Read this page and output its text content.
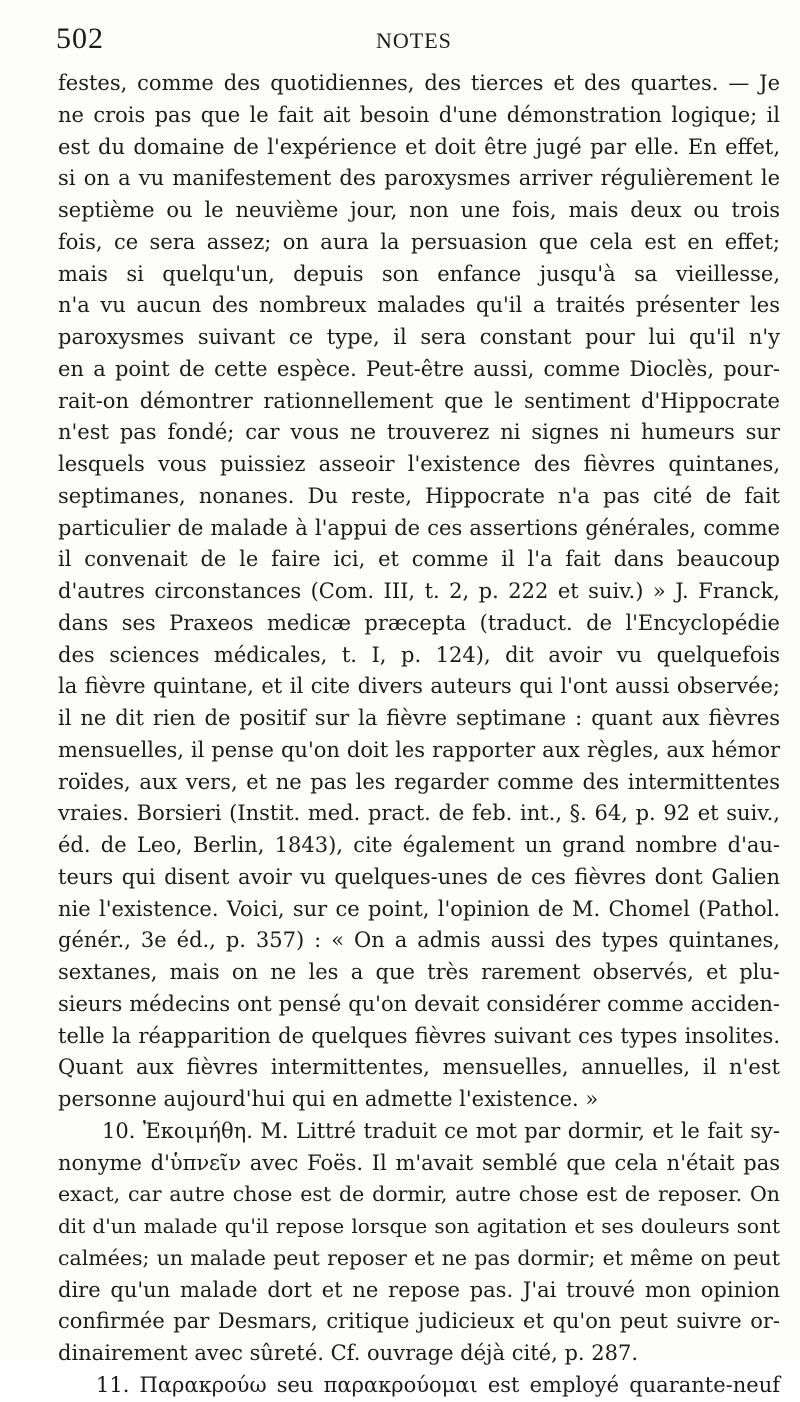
502	NOTES
festes, comme des quotidiennes, des tierces et des quartes. — Je
ne crois pas que le fait ait besoin d'une démonstration logique; il
est du domaine de l'expérience et doit être jugé par elle. En effet,
si on a vu manifestement des paroxysmes arriver régulièrement le
septième ou le neuvième jour, non une fois, mais deux ou trois
fois, ce sera assez; on aura la persuasion que cela est en effet;
mais si quelqu'un, depuis son enfance jusqu'à sa vieillesse,
n'a vu aucun des nombreux malades qu'il a traités présenter les
paroxysmes suivant ce type, il sera constant pour lui qu'il n'y
en a point de cette espèce. Peut-être aussi, comme Dioclès, pour-
rait-on démontrer rationnellement que le sentiment d'Hippocrate
n'est pas fondé; car vous ne trouverez ni signes ni humeurs sur
lesquels vous puissiez asseoir l'existence des fièvres quintanes,
septimanes, nonanes. Du reste, Hippocrate n'a pas cité de fait
particulier de malade à l'appui de ces assertions générales, comme
il convenait de le faire ici, et comme il l'a fait dans beaucoup
d'autres circonstances (Com. III, t. 2, p. 222 et suiv.) » J. Franck,
dans ses Praxeos medicæ præcepta (traduct. de l'Encyclopédie
des sciences médicales, t. I, p. 124), dit avoir vu quelquefois
la fièvre quintane, et il cite divers auteurs qui l'ont aussi observée;
il ne dit rien de positif sur la fièvre septimane : quant aux fièvres
mensuelles, il pense qu'on doit les rapporter aux règles, aux hémor
roïdes, aux vers, et ne pas les regarder comme des intermittentes
vraies. Borsieri (Instit. med. pract. de feb. int., §. 64, p. 92 et suiv.,
éd. de Leo, Berlin, 1843), cite également un grand nombre d'au-
teurs qui disent avoir vu quelques-unes de ces fièvres dont Galien
nie l'existence. Voici, sur ce point, l'opinion de M. Chomel (Pathol.
génér., 3e éd., p. 357) : « On a admis aussi des types quintanes,
sextanes, mais on ne les a que très rarement observés, et plu-
sieurs médecins ont pensé qu'on devait considérer comme acciden-
telle la réapparition de quelques fièvres suivant ces types insolites.
Quant aux fièvres intermittentes, mensuelles, annuelles, il n'est
personne aujourd'hui qui en admette l'existence. »
10. Ἐκοιμήθη. M. Littré traduit ce mot par dormir, et le fait sy-
nonyme d'ὑπνεῖν avec Foës. Il m'avait semblé que cela n'était pas
exact, car autre chose est de dormir, autre chose est de reposer. On
dit d'un malade qu'il repose lorsque son agitation et ses douleurs sont
calmées; un malade peut reposer et ne pas dormir; et même on peut
dire qu'un malade dort et ne repose pas. J'ai trouvé mon opinion
confirmée par Desmars, critique judicieux et qu'on peut suivre or-
dinairement avec sûreté. Cf. ouvrage déjà cité, p. 287.
11. Παρακρούω seu παρακρούομαι est employé quarante-neuf
